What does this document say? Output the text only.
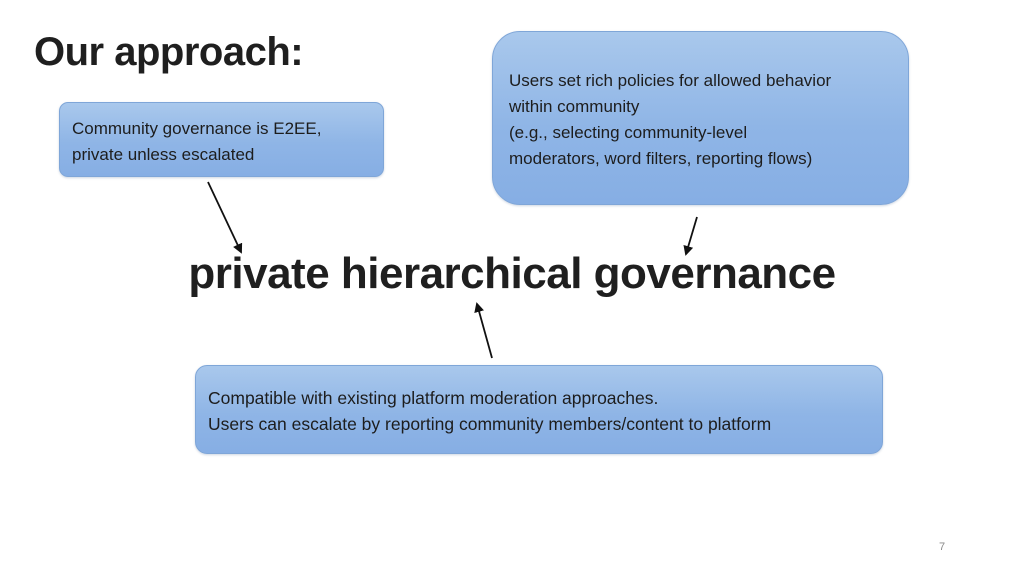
Our approach:
Community governance is E2EE,
private unless escalated
Users set rich policies for allowed behavior
within community
(e.g., selecting community-level
moderators, word filters, reporting flows)
Compatible with existing platform moderation approaches.
Users can escalate by reporting community members/content to platform

private hierarchical governance

7
